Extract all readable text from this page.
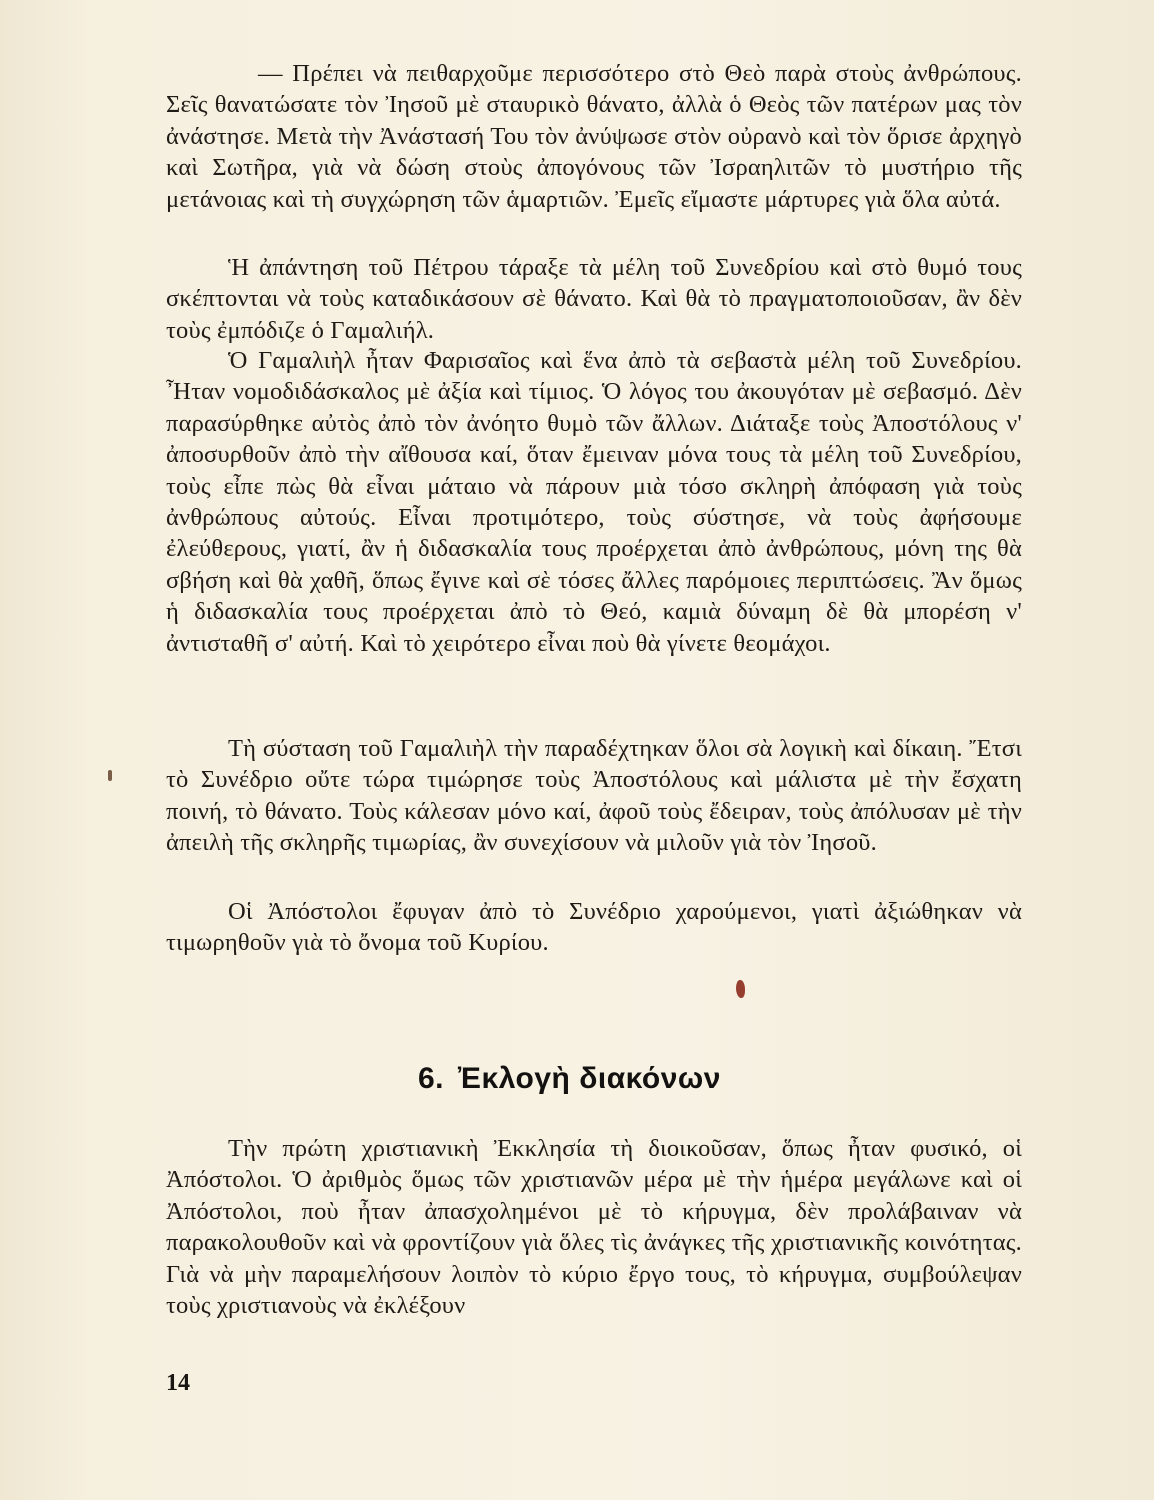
— Πρέπει νὰ πειθαρχοῦμε περισσότερο στὸ Θεὸ παρὰ στοὺς ἀνθρώπους. Σεῖς θανατώσατε τὸν Ἰησοῦ μὲ σταυρικὸ θάνατο, ἀλλὰ ὁ Θεὸς τῶν πατέρων μας τὸν ἀνάστησε. Μετὰ τὴν Ἀνάστασή Του τὸν ἀνύψωσε στὸν οὐρανὸ καὶ τὸν ὅρισε ἀρχηγὸ καὶ Σωτῆρα, γιὰ νὰ δώση στοὺς ἀπογόνους τῶν Ἰσραηλιτῶν τὸ μυστήριο τῆς μετάνοιας καὶ τὴ συγχώρηση τῶν ἁμαρτιῶν. Ἐμεῖς εἴμαστε μάρτυρες γιὰ ὅλα αὐτά.

Ἡ ἀπάντηση τοῦ Πέτρου τάραξε τὰ μέλη τοῦ Συνεδρίου καὶ στὸ θυμό τους σκέπτονται νὰ τοὺς καταδικάσουν σὲ θάνατο. Καὶ θὰ τὸ πραγματοποιοῦσαν, ἂν δὲν τοὺς ἐμπόδιζε ὁ Γαμαλιήλ.

Ὁ Γαμαλιὴλ ἦταν Φαρισαῖος καὶ ἕνα ἀπὸ τὰ σεβαστὰ μέλη τοῦ Συνεδρίου. Ἦταν νομοδιδάσκαλος μὲ ἀξία καὶ τίμιος. Ὁ λόγος του ἀκουγόταν μὲ σεβασμό. Δὲν παρασύρθηκε αὐτὸς ἀπὸ τὸν ἀνόητο θυμὸ τῶν ἄλλων. Διάταξε τοὺς Ἀποστόλους ν' ἀποσυρθοῦν ἀπὸ τὴν αἴθουσα καί, ὅταν ἔμειναν μόνα τους τὰ μέλη τοῦ Συνεδρίου, τοὺς εἶπε πὼς θὰ εἶναι μάταιο νὰ πάρουν μιὰ τόσο σκληρὴ ἀπόφαση γιὰ τοὺς ἀνθρώπους αὐτούς. Εἶναι προτιμότερο, τοὺς σύστησε, νὰ τοὺς ἀφήσουμε ἐλεύθερους, γιατί, ἂν ἡ διδασκαλία τους προέρχεται ἀπὸ ἀνθρώπους, μόνη της θὰ σβήση καὶ θὰ χαθῆ, ὅπως ἔγινε καὶ σὲ τόσες ἄλλες παρόμοιες περιπτώσεις. Ἂν ὅμως ἡ διδασκαλία τους προέρχεται ἀπὸ τὸ Θεό, καμιὰ δύναμη δὲ θὰ μπορέση ν' ἀντισταθῆ σ' αὐτή. Καὶ τὸ χειρότερο εἶναι ποὺ θὰ γίνετε θεομάχοι.

Τὴ σύσταση τοῦ Γαμαλιὴλ τὴν παραδέχτηκαν ὅλοι σὰ λογικὴ καὶ δίκαιη. Ἔτσι τὸ Συνέδριο οὔτε τώρα τιμώρησε τοὺς Ἀποστόλους καὶ μάλιστα μὲ τὴν ἔσχατη ποινή, τὸ θάνατο. Τοὺς κάλεσαν μόνο καί, ἀφοῦ τοὺς ἔδειραν, τοὺς ἀπόλυσαν μὲ τὴν ἀπειλὴ τῆς σκληρῆς τιμωρίας, ἂν συνεχίσουν νὰ μιλοῦν γιὰ τὸν Ἰησοῦ.

Οἱ Ἀπόστολοι ἔφυγαν ἀπὸ τὸ Συνέδριο χαρούμενοι, γιατὶ ἀξιώθηκαν νὰ τιμωρηθοῦν γιὰ τὸ ὄνομα τοῦ Κυρίου.

6. Ἐκλογὴ διακόνων

Τὴν πρώτη χριστιανικὴ Ἐκκλησία τὴ διοικοῦσαν, ὅπως ἦταν φυσικό, οἱ Ἀπόστολοι. Ὁ ἀριθμὸς ὅμως τῶν χριστιανῶν μέρα μὲ τὴν ἡμέρα μεγάλωνε καὶ οἱ Ἀπόστολοι, ποὺ ἦταν ἀπασχολημένοι μὲ τὸ κήρυγμα, δὲν προλάβαιναν νὰ παρακολουθοῦν καὶ νὰ φροντίζουν γιὰ ὅλες τὶς ἀνάγκες τῆς χριστιανικῆς κοινότητας. Γιὰ νὰ μὴν παραμελήσουν λοιπὸν τὸ κύριο ἔργο τους, τὸ κήρυγμα, συμβούλεψαν τοὺς χριστιανοὺς νὰ ἐκλέξουν

14
